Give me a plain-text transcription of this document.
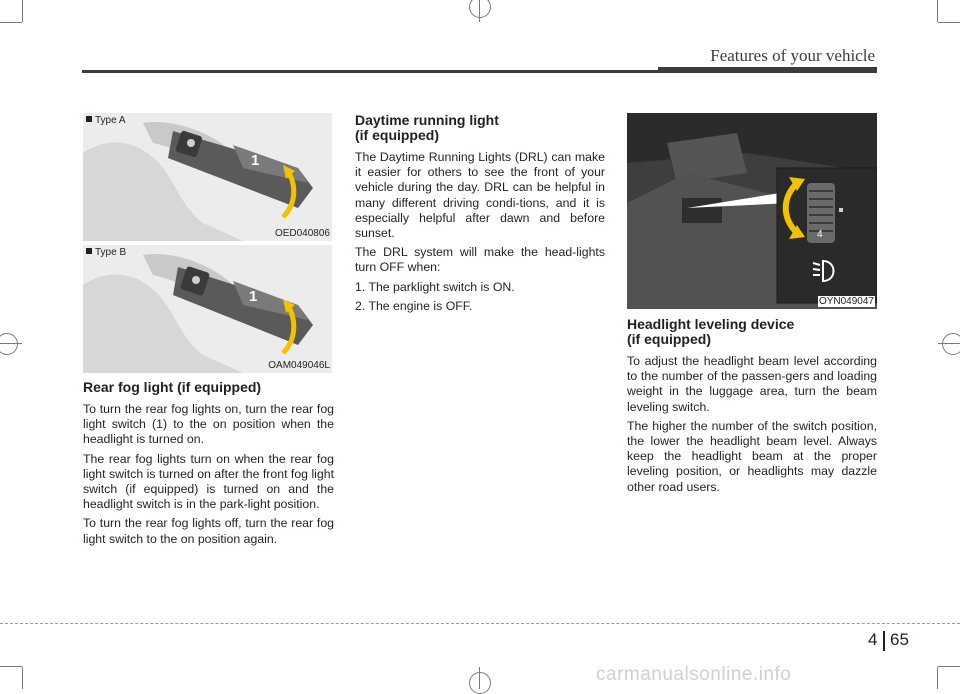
Features of your vehicle
1
Type A
OED040806
1
Type B
OAM049046L
4
OYN049047
Rear fog light (if equipped)

To turn the rear fog lights on, turn the rear fog light switch (1) to the on position when the headlight is turned on.

The rear fog lights turn on when the rear fog light switch is turned on after the front fog light switch (if equipped) is turned on and the headlight switch is in the park-light position.

To turn the rear fog lights off, turn the rear fog light switch to the on position again.

Daytime running light
(if equipped)

The Daytime Running Lights (DRL) can make it easier for others to see the front of your vehicle during the day. DRL can be helpful in many different driving condi-tions, and it is especially helpful after dawn and before sunset.

The DRL system will make the head-lights turn OFF when:

1. The parklight switch is ON.

2. The engine is OFF.

Headlight leveling device
(if equipped)

To adjust the headlight beam level according to the number of the passen-gers and loading weight in the luggage area, turn the beam leveling switch.

The higher the number of the switch position, the lower the headlight beam level. Always keep the headlight beam at the proper leveling position, or headlights may dazzle other road users.

4 65
carmanualsonline.info
